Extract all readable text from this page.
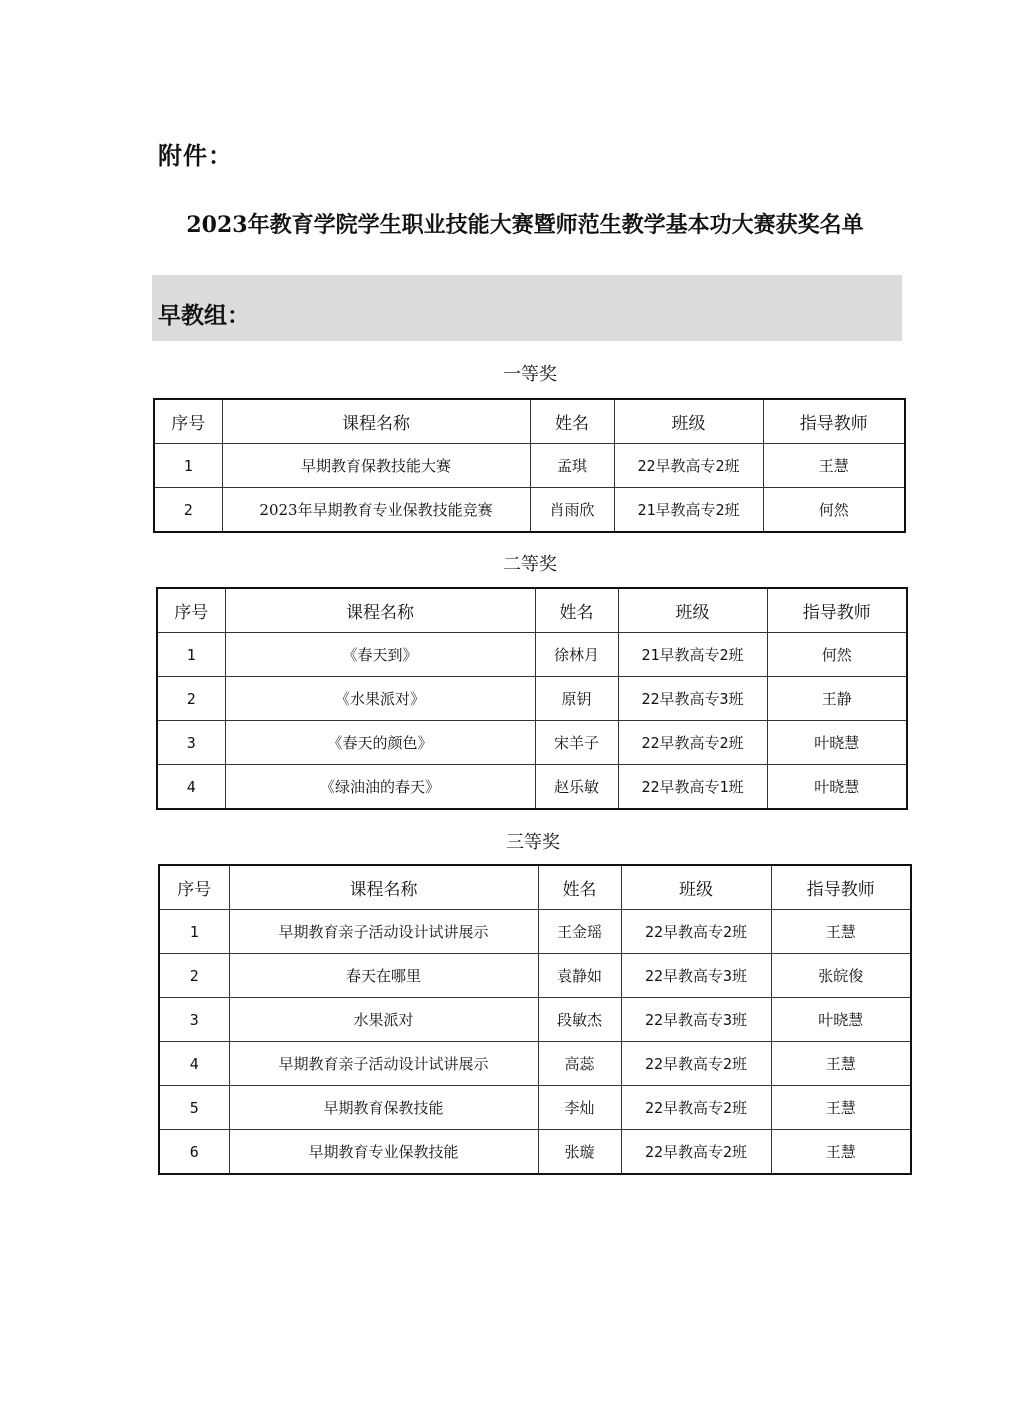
附件：
2023年教育学院学生职业技能大赛暨师范生教学基本功大赛获奖名单
早教组：
一等奖
序号	课程名称	姓名	班级	指导教师
1	早期教育保教技能大赛	孟琪	22早教高专2班	王慧
2	2023年早期教育专业保教技能竞赛	肖雨欣	21早教高专2班	何然
二等奖
序号	课程名称	姓名	班级	指导教师
1	《春天到》	徐林月	21早教高专2班	何然
2	《水果派对》	原钥	22早教高专3班	王静
3	《春天的颜色》	宋羊子	22早教高专2班	叶晓慧
4	《绿油油的春天》	赵乐敏	22早教高专1班	叶晓慧
三等奖
序号	课程名称	姓名	班级	指导教师
1	早期教育亲子活动设计试讲展示	王金瑶	22早教高专2班	王慧
2	春天在哪里	袁静如	22早教高专3班	张皖俊
3	水果派对	段敏杰	22早教高专3班	叶晓慧
4	早期教育亲子活动设计试讲展示	高蕊	22早教高专2班	王慧
5	早期教育保教技能	李灿	22早教高专2班	王慧
6	早期教育专业保教技能	张璇	22早教高专2班	王慧
